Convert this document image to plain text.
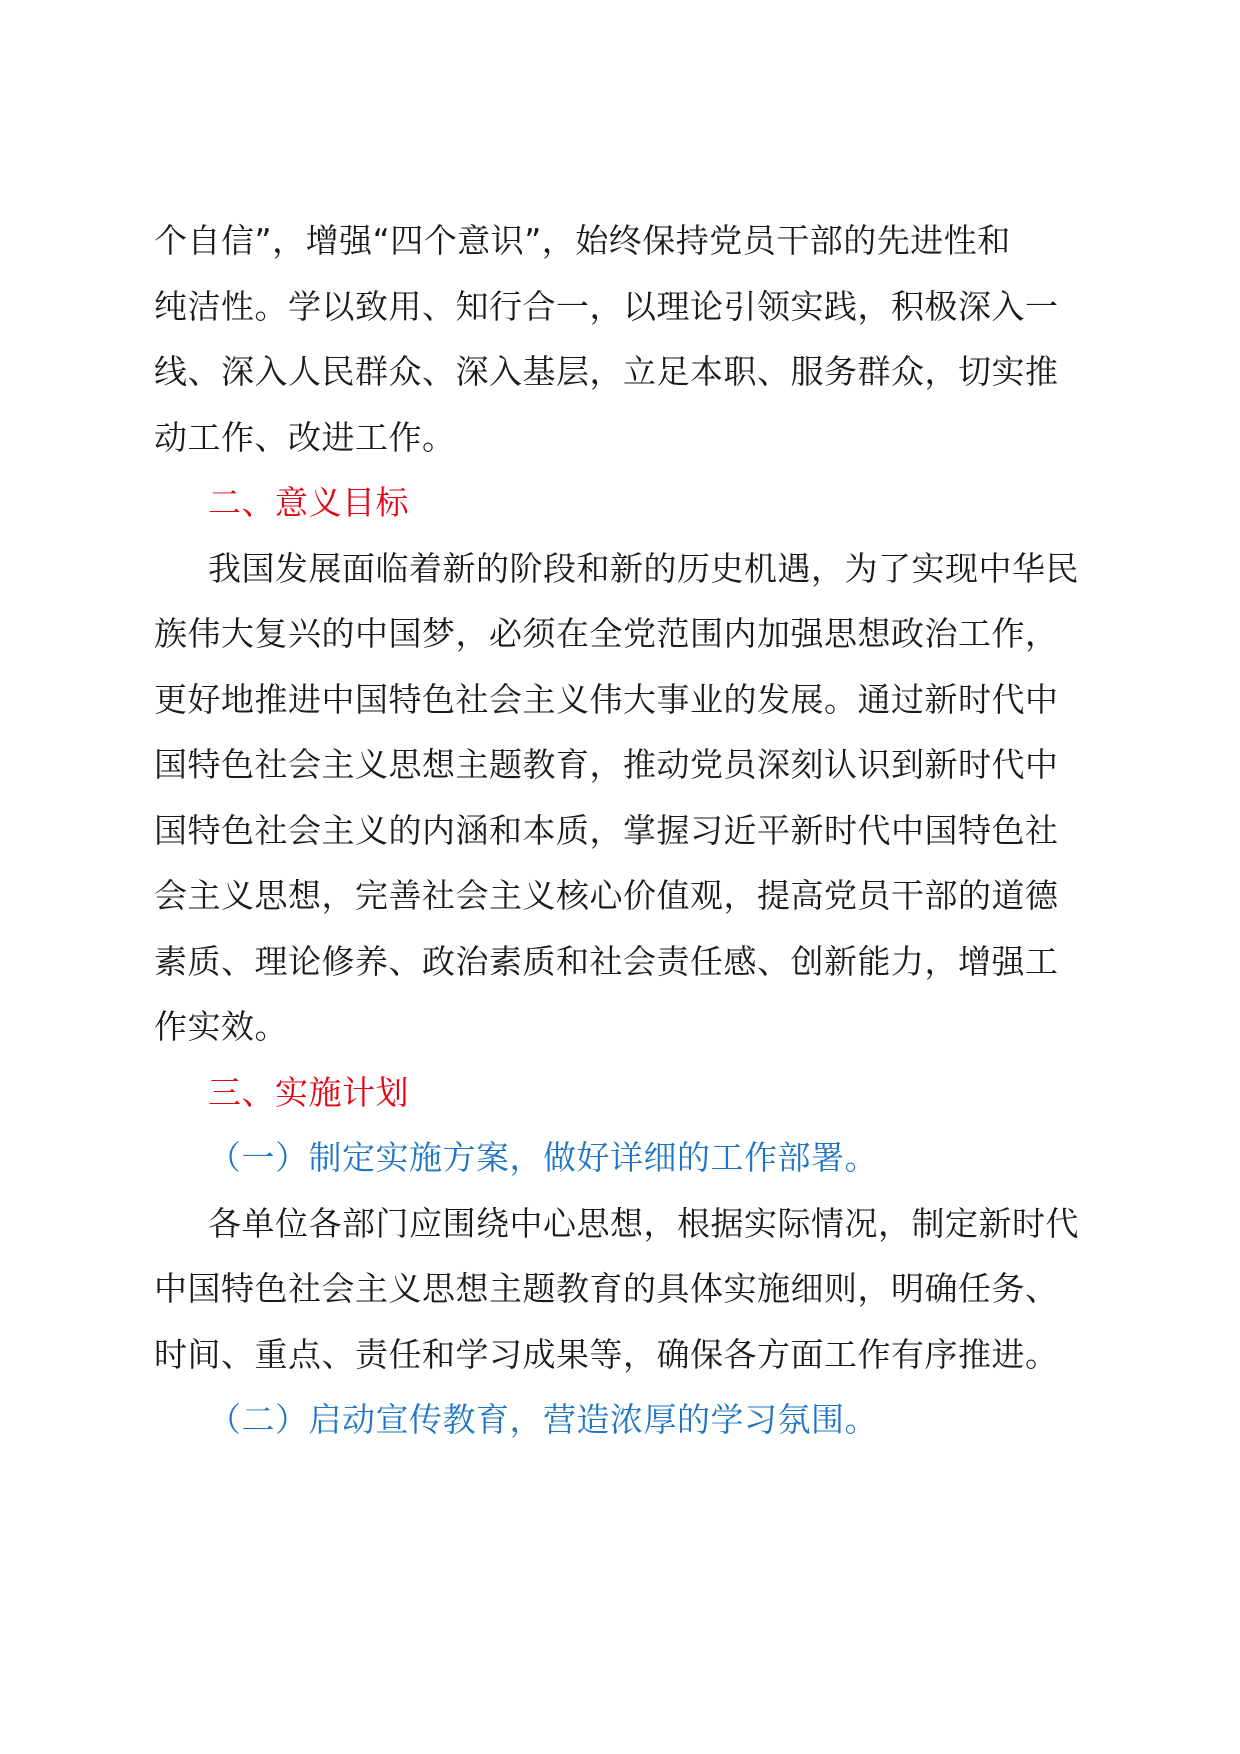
个自信”，增强“四个意识”，始终保持党员干部的先进性和
纯洁性。学以致用、知行合一，以理论引领实践，积极深入一
线、深入人民群众、深入基层，立足本职、服务群众，切实推
动工作、改进工作。
二、意义目标
我国发展面临着新的阶段和新的历史机遇，为了实现中华民
族伟大复兴的中国梦，必须在全党范围内加强思想政治工作，
更好地推进中国特色社会主义伟大事业的发展。通过新时代中
国特色社会主义思想主题教育，推动党员深刻认识到新时代中
国特色社会主义的内涵和本质，掌握习近平新时代中国特色社
会主义思想，完善社会主义核心价值观，提高党员干部的道德
素质、理论修养、政治素质和社会责任感、创新能力，增强工
作实效。
三、实施计划
（一）制定实施方案，做好详细的工作部署。
各单位各部门应围绕中心思想，根据实际情况，制定新时代
中国特色社会主义思想主题教育的具体实施细则，明确任务、
时间、重点、责任和学习成果等，确保各方面工作有序推进。
（二）启动宣传教育，营造浓厚的学习氛围。
